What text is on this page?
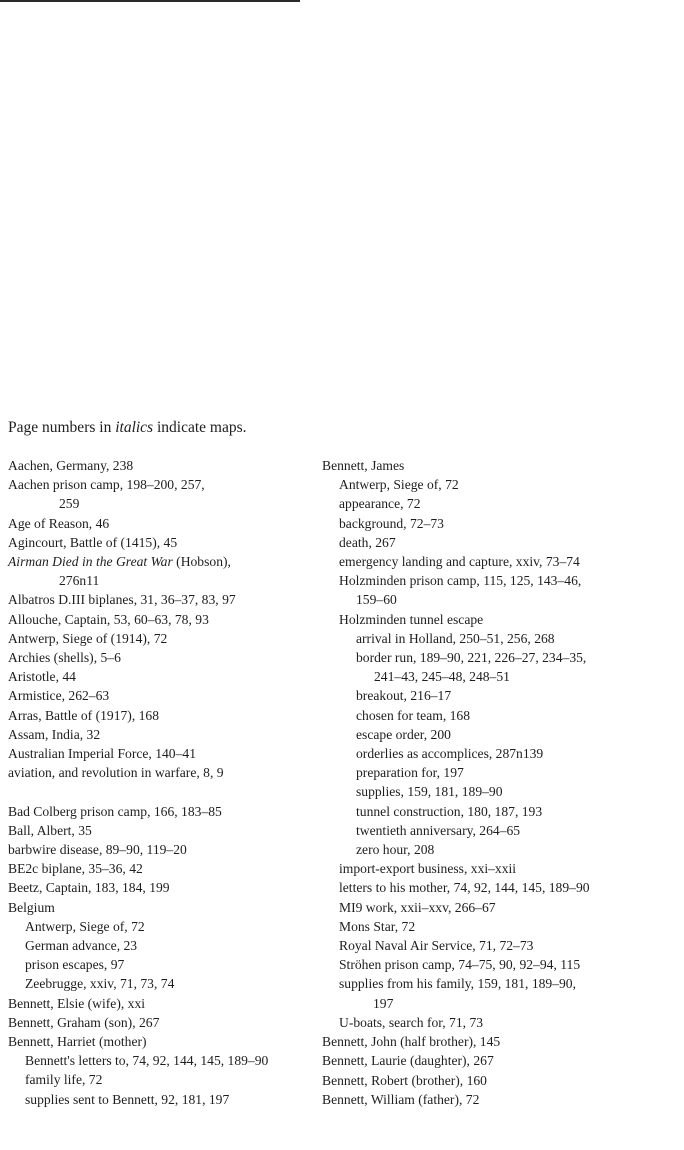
Page numbers in italics indicate maps.
Aachen, Germany, 238
Aachen prison camp, 198–200, 257,
259
Age of Reason, 46
Agincourt, Battle of (1415), 45
Airman Died in the Great War (Hobson),
276n11
Albatros D.III biplanes, 31, 36–37, 83, 97
Allouche, Captain, 53, 60–63, 78, 93
Antwerp, Siege of (1914), 72
Archies (shells), 5–6
Aristotle, 44
Armistice, 262–63
Arras, Battle of (1917), 168
Assam, India, 32
Australian Imperial Force, 140–41
aviation, and revolution in warfare, 8, 9
Bad Colberg prison camp, 166, 183–85
Ball, Albert, 35
barbwire disease, 89–90, 119–20
BE2c biplane, 35–36, 42
Beetz, Captain, 183, 184, 199
Belgium
Antwerp, Siege of, 72
German advance, 23
prison escapes, 97
Zeebrugge, xxiv, 71, 73, 74
Bennett, Elsie (wife), xxi
Bennett, Graham (son), 267
Bennett, Harriet (mother)
Bennett's letters to, 74, 92, 144, 145, 189–90
family life, 72
supplies sent to Bennett, 92, 181, 197
Bennett, James
Antwerp, Siege of, 72
appearance, 72
background, 72–73
death, 267
emergency landing and capture, xxiv, 73–74
Holzminden prison camp, 115, 125, 143–46,
159–60
Holzminden tunnel escape
arrival in Holland, 250–51, 256, 268
border run, 189–90, 221, 226–27, 234–35,
241–43, 245–48, 248–51
breakout, 216–17
chosen for team, 168
escape order, 200
orderlies as accomplices, 287n139
preparation for, 197
supplies, 159, 181, 189–90
tunnel construction, 180, 187, 193
twentieth anniversary, 264–65
zero hour, 208
import-export business, xxi–xxii
letters to his mother, 74, 92, 144, 145, 189–90
MI9 work, xxii–xxv, 266–67
Mons Star, 72
Royal Naval Air Service, 71, 72–73
Ströhen prison camp, 74–75, 90, 92–94, 115
supplies from his family, 159, 181, 189–90,
197
U-boats, search for, 71, 73
Bennett, John (half brother), 145
Bennett, Laurie (daughter), 267
Bennett, Robert (brother), 160
Bennett, William (father), 72
